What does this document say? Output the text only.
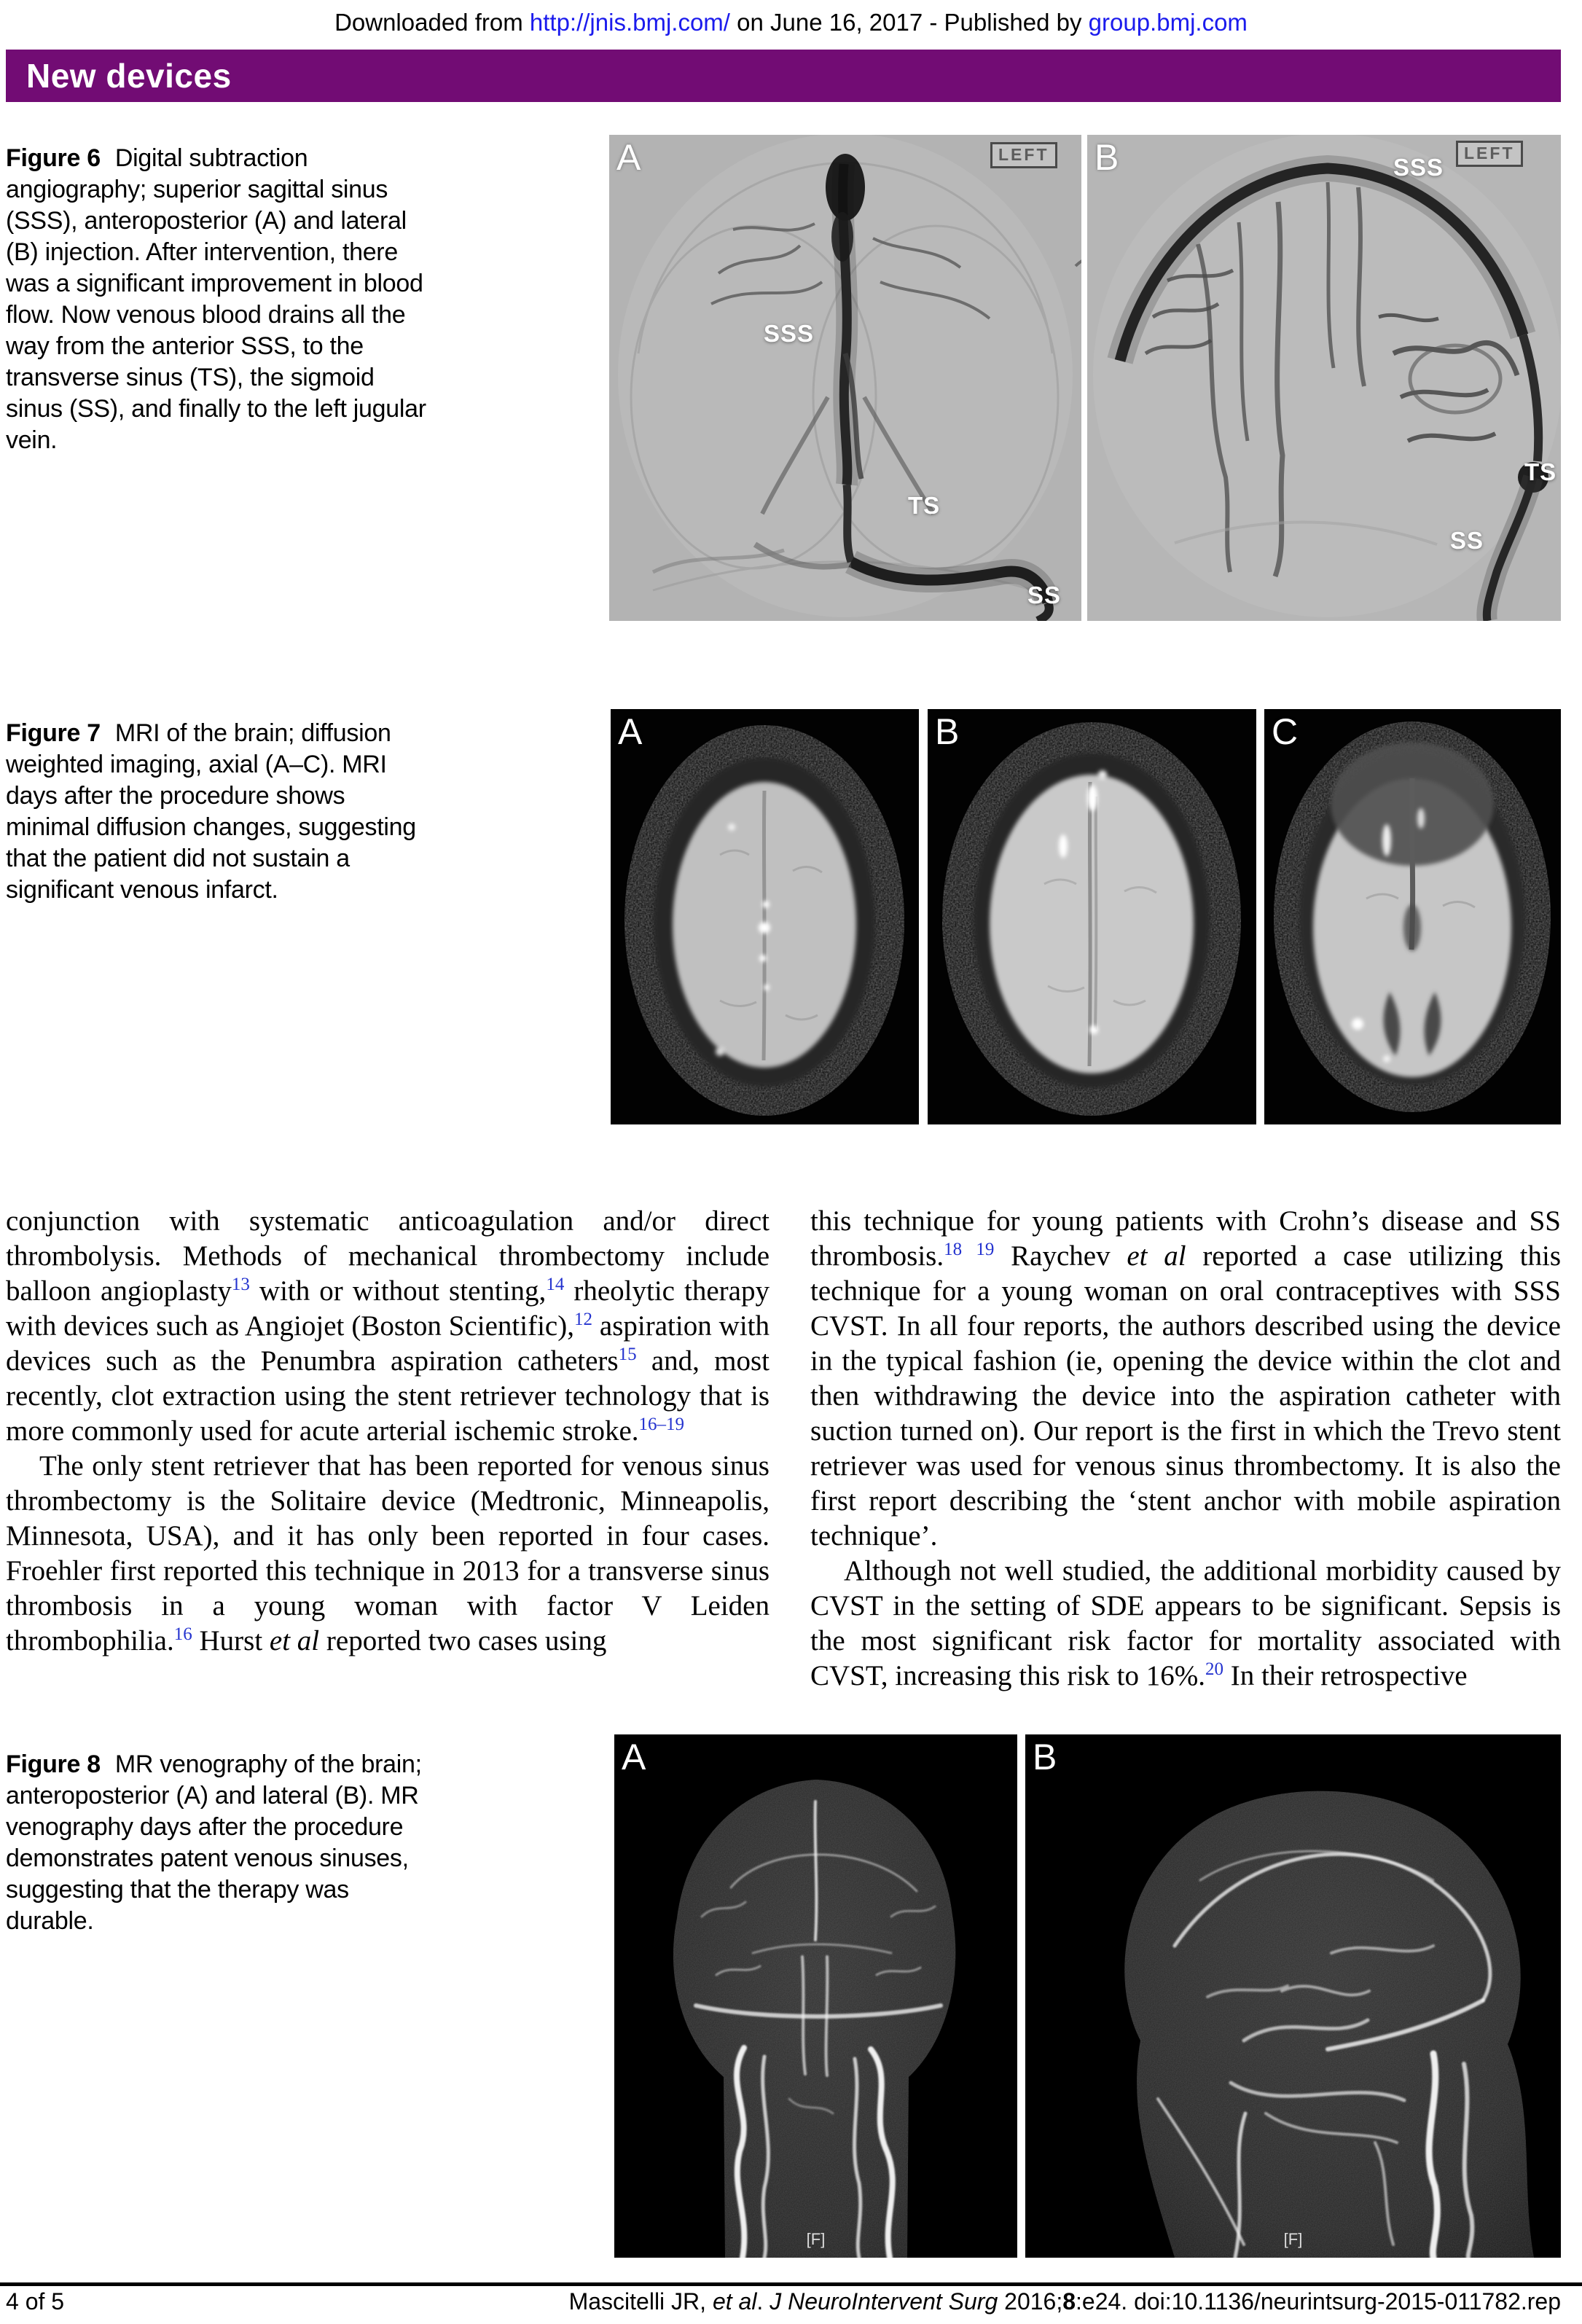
Downloaded from http://jnis.bmj.com/ on June 16, 2017 - Published by group.bmj.com
New devices

Figure 6 Digital subtraction angiography; superior sagittal sinus (SSS), anteroposterior (A) and lateral (B) injection. After intervention, there was a significant improvement in blood flow. Now venous blood drains all the way from the anterior SSS, to the transverse sinus (TS), the sigmoid sinus (SS), and finally to the left jugular vein.

A	LEFT
SSS
TS
SS
B	SSS
LEFT
TS
SS

Figure 7 MRI of the brain; diffusion weighted imaging, axial (A–C). MRI days after the procedure shows minimal diffusion changes, suggesting that the patient did not sustain a significant venous infarct.

A	B	C

conjunction with systematic anticoagulation and/or direct thrombolysis. Methods of mechanical thrombectomy include balloon angioplasty$^{13}$ with or without stenting,$^{14}$ rheolytic therapy with devices such as Angiojet (Boston Scientific),$^{12}$ aspiration with devices such as the Penumbra aspiration catheters$^{15}$ and, most recently, clot extraction using the stent retriever technology that is more commonly used for acute arterial ischemic stroke.$^{16-19}$

The only stent retriever that has been reported for venous sinus thrombectomy is the Solitaire device (Medtronic, Minneapolis, Minnesota, USA), and it has only been reported in four cases. Froehler first reported this technique in 2013 for a transverse sinus thrombosis in a young woman with factor V Leiden thrombophilia.$^{16}$ Hurst et al reported two cases using

this technique for young patients with Crohn’s disease and SS thrombosis.$^{18 19}$ Raychev et al reported a case utilizing this technique for a young woman on oral contraceptives with SSS CVST. In all four reports, the authors described using the device in the typical fashion (ie, opening the device within the clot and then withdrawing the device into the aspiration catheter with suction turned on). Our report is the first in which the Trevo stent retriever was used for venous sinus thrombectomy. It is also the first report describing the ‘stent anchor with mobile aspiration technique’.

Although not well studied, the additional morbidity caused by CVST in the setting of SDE appears to be significant. Sepsis is the most significant risk factor for mortality associated with CVST, increasing this risk to 16%.$^{20}$ In their retrospective

Figure 8 MR venography of the brain; anteroposterior (A) and lateral (B). MR venography days after the procedure demonstrates patent venous sinuses, suggesting that the therapy was durable.

A
[F]
B
[F]
4 of 5	Mascitelli JR, et al. J NeuroIntervent Surg 2016;8:e24. doi:10.1136/neurintsurg-2015-011782.rep
